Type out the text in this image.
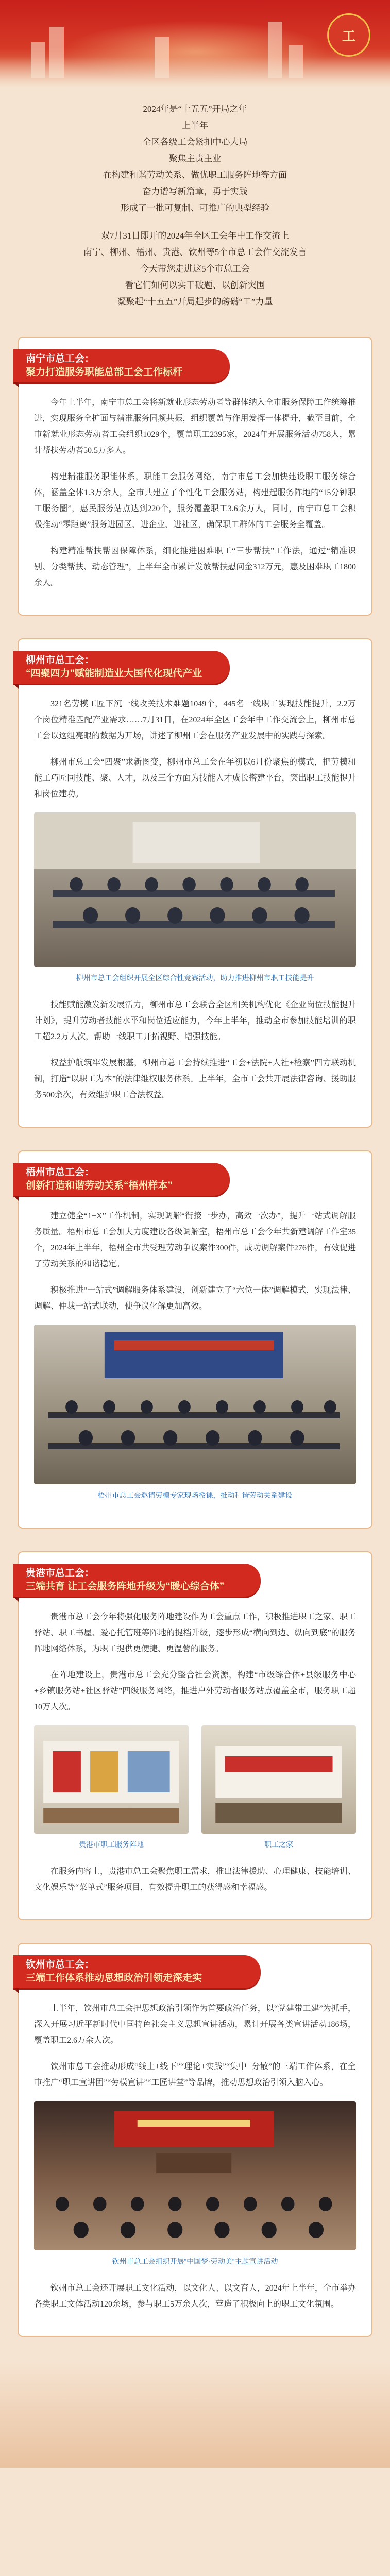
工

2024年是“十五五”开局之年
上半年
全区各级工会紧扣中心大局
聚焦主责主业
在构建和谐劳动关系、做优职工服务阵地等方面
奋力谱写新篇章，勇于实践
形成了一批可复制、可推广的典型经验

双7月31日即开的2024年全区工会年中工作交流上
南宁、柳州、梧州、贵港、钦州等5个市总工会作交流发言
今天带您走进这5个市总工会
看它们如何以实干破题、以创新突围
凝聚起“十五五”开局起步的磅礴“工”力量

南宁市总工会：
聚力打造服务职能总部工会工作标杆

今年上半年，南宁市总工会将新就业形态劳动者等群体纳入全市服务保障工作统筹推进，实现服务全扩面与精准服务同频共振，组织覆盖与作用发挥一体提升，截至目前，全市新就业形态劳动者工会组织1029个，覆盖职工2395家，2024年开展服务活动758人，累计帮扶劳动者50.5万多人。

构建精准服务职能体系，职能工会服务网络，南宁市总工会加快建设职工服务综合体，涵盖全体1.3万余人，全市共建立了个性化工会服务站，构建起服务阵地的“15分钟职工服务圈”，惠民服务站点达到220个，服务覆盖职工3.6余万人，同时，南宁市总工会积极推动“零距离”服务进园区、进企业、进社区，确保职工群体的工会服务全覆盖。

构建精准帮扶帮困保障体系，细化推进困难职工“三步帮扶”工作法，通过“精准识别、分类帮扶、动态管理”，上半年全市累计发放帮扶慰问金312万元，惠及困难职工1800余人。

柳州市总工会：
“四聚四力”赋能制造业大国代化现代产业

321名劳模工匠下沉一线攻关技术难题1049个，445名一线职工实现技能提升，2.2万个岗位精准匹配产业需求……7月31日，在2024年全区工会年中工作交流会上，柳州市总工会以这组亮眼的数据为开场，讲述了柳州工会在服务产业发展中的实践与探索。

柳州市总工会“四聚”求新图变，柳州市总工会在年初以6月份聚焦的模式，把劳模和能工巧匠同技能、聚、人才，以及三个方面为技能人才成长搭建平台，突出职工技能提升和岗位建功。

柳州市总工会组织开展全区综合性竞赛活动，助力推进柳州市职工技能提升

技能赋能激发新发展活力，柳州市总工会联合全区相关机构优化《企业岗位技能提升计划》，提升劳动者技能水平和岗位适应能力，今年上半年，推动全市参加技能培训的职工超2.2万人次，帮助一线职工开拓视野、增强技能。

权益护航筑牢发展根基，柳州市总工会持续推进“工会+法院+人社+检察”四方联动机制，打造“以职工为本”的法律维权服务体系。上半年，全市工会共开展法律咨询、援助服务500余次，有效维护职工合法权益。

梧州市总工会：
创新打造和谐劳动关系“梧州样本”

建立健全“1+X”工作机制，实现调解“衔接一步办，高效一次办”，提升一站式调解服务质量。梧州市总工会加大力度建设各级调解室，梧州市总工会今年共新建调解工作室35个，2024年上半年，梧州全市共受理劳动争议案件300件，成功调解案件276件，有效促进了劳动关系的和谐稳定。

积极推进“一站式”调解服务体系建设，创新建立了“六位一体”调解模式，实现法律、调解、仲裁一站式联动，使争议化解更加高效。

梧州市总工会邀请劳模专家现场授课，推动和谐劳动关系建设
贵港市总工会：
三端共育 让工会服务阵地升级为“暖心综合体”

贵港市总工会今年将强化服务阵地建设作为工会重点工作，积极推进职工之家、职工驿站、职工书屋、爱心托管班等阵地的提档升级，逐步形成“横向到边、纵向到底”的服务阵地网络体系，为职工提供更便捷、更温馨的服务。

在阵地建设上，贵港市总工会充分整合社会资源，构建“市级综合体+县级服务中心+乡镇服务站+社区驿站”四级服务网络，推进户外劳动者服务站点覆盖全市，服务职工超10万人次。

贵港市职工服务阵地	职工之家

在服务内容上，贵港市总工会聚焦职工需求，推出法律援助、心理健康、技能培训、文化娱乐等“菜单式”服务项目，有效提升职工的获得感和幸福感。

钦州市总工会：
三端工作体系推动思想政治引领走深走实

上半年，钦州市总工会把思想政治引领作为首要政治任务，以“党建带工建”为抓手，深入开展习近平新时代中国特色社会主义思想宣讲活动，累计开展各类宣讲活动186场，覆盖职工2.6万余人次。

钦州市总工会推动形成“线上+线下”“理论+实践”“集中+分散”的三端工作体系，在全市推广“职工宣讲团”“劳模宣讲”“工匠讲堂”等品牌，推动思想政治引领入脑入心。

钦州市总工会组织开展“中国梦·劳动美”主题宣讲活动

钦州市总工会还开展职工文化活动，以文化人、以文育人，2024年上半年，全市举办各类职工文体活动120余场，参与职工5万余人次，营造了积极向上的职工文化氛围。
